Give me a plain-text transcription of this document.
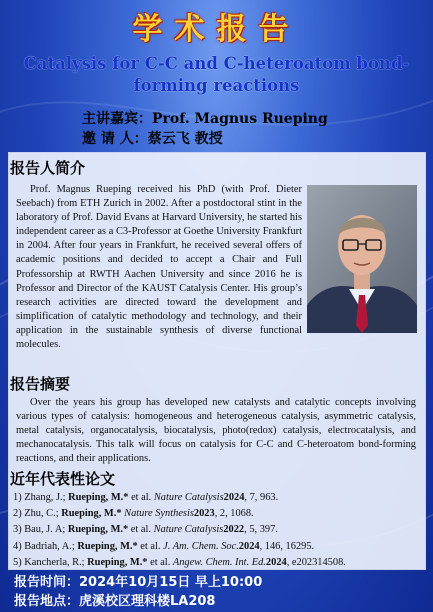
学术报告
Catalysis for C-C and C-heteroatom bond-forming reactions
主讲嘉宾：Prof. Magnus Rueping
邀 请 人：蔡云飞 教授
报告人简介
Prof. Magnus Rueping received his PhD (with Prof. Dieter Seebach) from ETH Zurich in 2002. After a postdoctoral stint in the laboratory of Prof. David Evans at Harvard University, he started his independent career as a C3-Professor at Goethe University Frankfurt in 2004. After four years in Frankfurt, he received several offers of academic positions and decided to accept a Chair and Full Professorship at RWTH Aachen University and since 2016 he is Professor and Director of the KAUST Catalysis Center. His group’s research activities are directed toward the development and simplification of catalytic methodology and technology, and their application in the sustainable synthesis of diverse functional molecules.
报告摘要
Over the years his group has developed new catalysts and catalytic concepts involving various types of catalysis: homogeneous and heterogeneous catalysis, asymmetric catalysis, metal catalysis, organocatalysis, biocatalysis, photo(redox) catalysis, electrocatalysis, and mechanocatalysis. This talk will focus on catalysis for C-C and C-heteroatom bond-forming reactions, and their applications.
近年代表性论文
1) Zhang, J.; Rueping, M.* et al. Nature Catalysis2024, 7, 963.
2) Zhu, C.; Rueping, M.* Nature Synthesis2023, 2, 1068.
3) Bau, J. A; Rueping, M.* et al. Nature Catalysis2022, 5, 397.
4) Badriah, A.; Rueping, M.* et al. J. Am. Chem. Soc.2024, 146, 16295.
5) Kancherla, R.; Rueping, M.* et al. Angew. Chem. Int. Ed.2024, e202314508.
报告时间：2024年10月15日 早上10:00
报告地点：虎溪校区理科楼LA208
